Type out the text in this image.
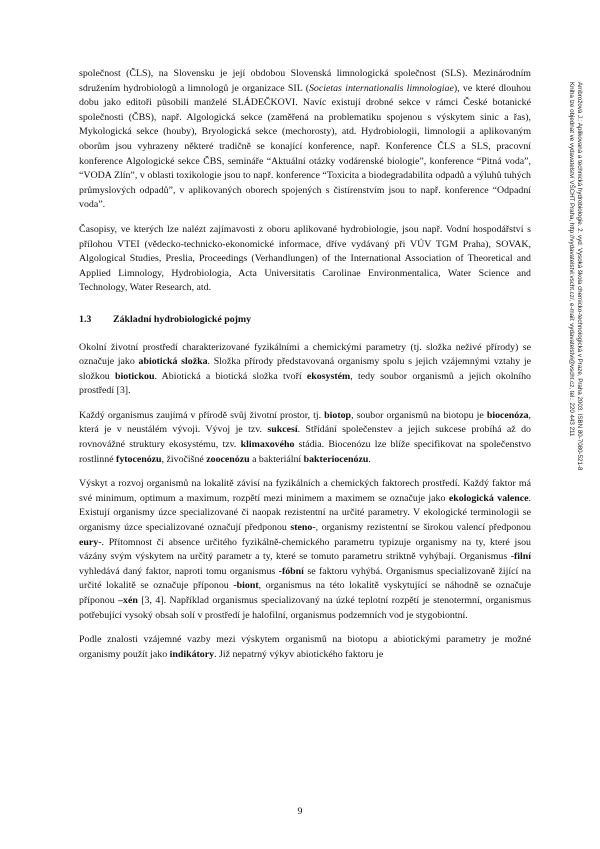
společnost (ČLS), na Slovensku je její obdobou Slovenská limnologická společnost (SLS). Mezinárodním sdružením hydrobiologů a limnologů je organizace SIL (Societas internationalis limnologiae), ve které dlouhou dobu jako editoři působili manželé SLÁDEČKOVI. Navíc existují drobné sekce v rámci České botanické společnosti (ČBS), např. Algologická sekce (zaměřená na problematiku spojenou s výskytem sinic a řas), Mykologická sekce (houby), Bryologická sekce (mechorosty), atd. Hydrobiologii, limnologii a aplikovaným oborům jsou vyhrazeny některé tradičně se konající konference, např. Konference ČLS a SLS, pracovní konference Algologické sekce ČBS, semináře “Aktuální otázky vodárenské biologie”, konference “Pitná voda”, “VODA Zlín”, v oblasti toxikologie jsou to např. konference “Toxicita a biodegradabilita odpadů a výluhů tuhých průmyslových odpadů”, v aplikovaných oborech spojených s čistírenstvím jsou to např. konference “Odpadní voda”.

Časopisy, ve kterých lze nalézt zajímavosti z oboru aplikované hydrobiologie, jsou např. Vodní hospodářství s přílohou VTEI (vědecko-technicko-ekonomické informace, dříve vydávaný při VÚV TGM Praha), SOVAK, Algological Studies, Preslia, Proceedings (Verhandlungen) of the International Association of Theoretical and Applied Limnology, Hydrobiologia, Acta Universitatis Carolinae Environmentalica, Water Science and Technology, Water Research, atd.

1.3 Základní hydrobiologické pojmy

Okolní životní prostředí charakterizované fyzikálními a chemickými parametry (tj. složka neživé přírody) se označuje jako abiotická složka. Složka přírody představovaná organismy spolu s jejich vzájemnými vztahy je složkou biotickou. Abiotická a biotická složka tvoří ekosystém, tedy soubor organismů a jejich okolního prostředí [3].

Každý organismus zaujímá v přírodě svůj životní prostor, tj. biotop, soubor organismů na biotopu je biocenóza, která je v neustálém vývoji. Vývoj je tzv. sukcesí. Střídání společenstev a jejich sukcese probíhá až do rovnovážné struktury ekosystému, tzv. klimaxového stádia. Biocenózu lze blíže specifikovat na společenstvo rostlinné fytocenózu, živočišné zoocenózu a bakteriální bakteriocenózu.

Výskyt a rozvoj organismů na lokalitě závisí na fyzikálních a chemických faktorech prostředí. Každý faktor má své minimum, optimum a maximum, rozpětí mezi minimem a maximem se označuje jako ekologická valence. Existují organismy úzce specializované či naopak rezistentní na určité parametry. V ekologické terminologii se organismy úzce specializované označují předponou steno-, organismy rezistentní se širokou valencí předponou eury-. Přítomnost či absence určitého fyzikálně-chemického parametru typizuje organismy na ty, které jsou vázány svým výskytem na určitý parametr a ty, které se tomuto parametru striktně vyhýbají. Organismus -filní vyhledává daný faktor, naproti tomu organismus -fóbní se faktoru vyhýbá. Organismus specializovaně žijící na určité lokalitě se označuje příponou -biont, organismus na této lokalitě vyskytující se náhodně se označuje příponou –xén [3, 4]. Například organismus specializovaný na úzké teplotní rozpětí je stenotermní, organismus potřebující vysoký obsah solí v prostředí je halofilní, organismus podzemních vod je stygobiontní.

Podle znalosti vzájemné vazby mezi výskytem organismů na biotopu a abiotickými parametry je možné organismy použít jako indikátory. Již nepatrný výkyv abiotického faktoru je

Ambrožová J.: Aplikovaná a technická hydrobiologie. 2. vyd. Vysoká škola chemicko-technologická v Praze, Praha 2003. ISBN 80-7080-521-8
Kniha lze objednat ve vydavatelství VŠCHT Praha, http://vydavatelstvi.vscht.cz/, e-mail: vydavatelstvi@vscht.cz, tel.: 220 443 211
9
